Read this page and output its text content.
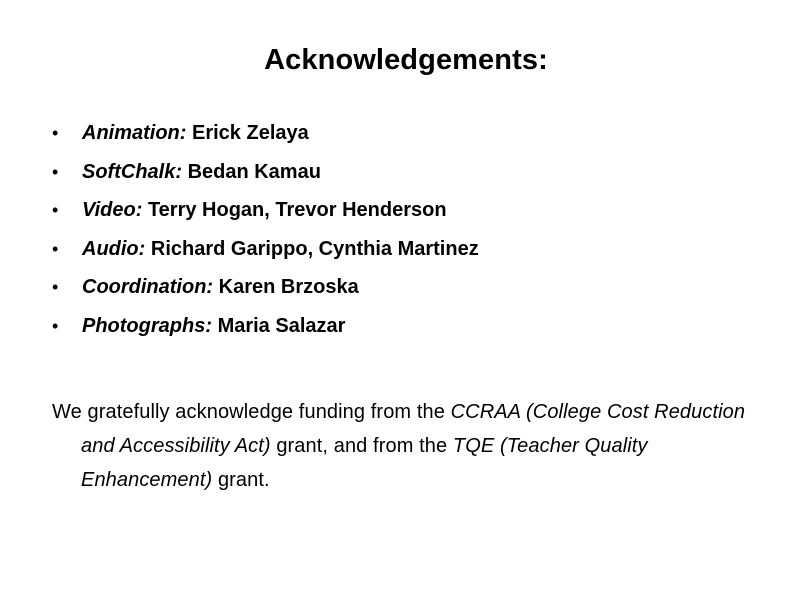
Acknowledgements:
• Animation: Erick Zelaya
• SoftChalk: Bedan Kamau
• Video: Terry Hogan, Trevor Henderson
• Audio: Richard Garippo, Cynthia Martinez
• Coordination: Karen Brzoska
• Photographs: Maria Salazar

We gratefully acknowledge funding from the CCRAA (College Cost Reduction and Accessibility Act) grant, and from the TQE (Teacher Quality Enhancement) grant.
